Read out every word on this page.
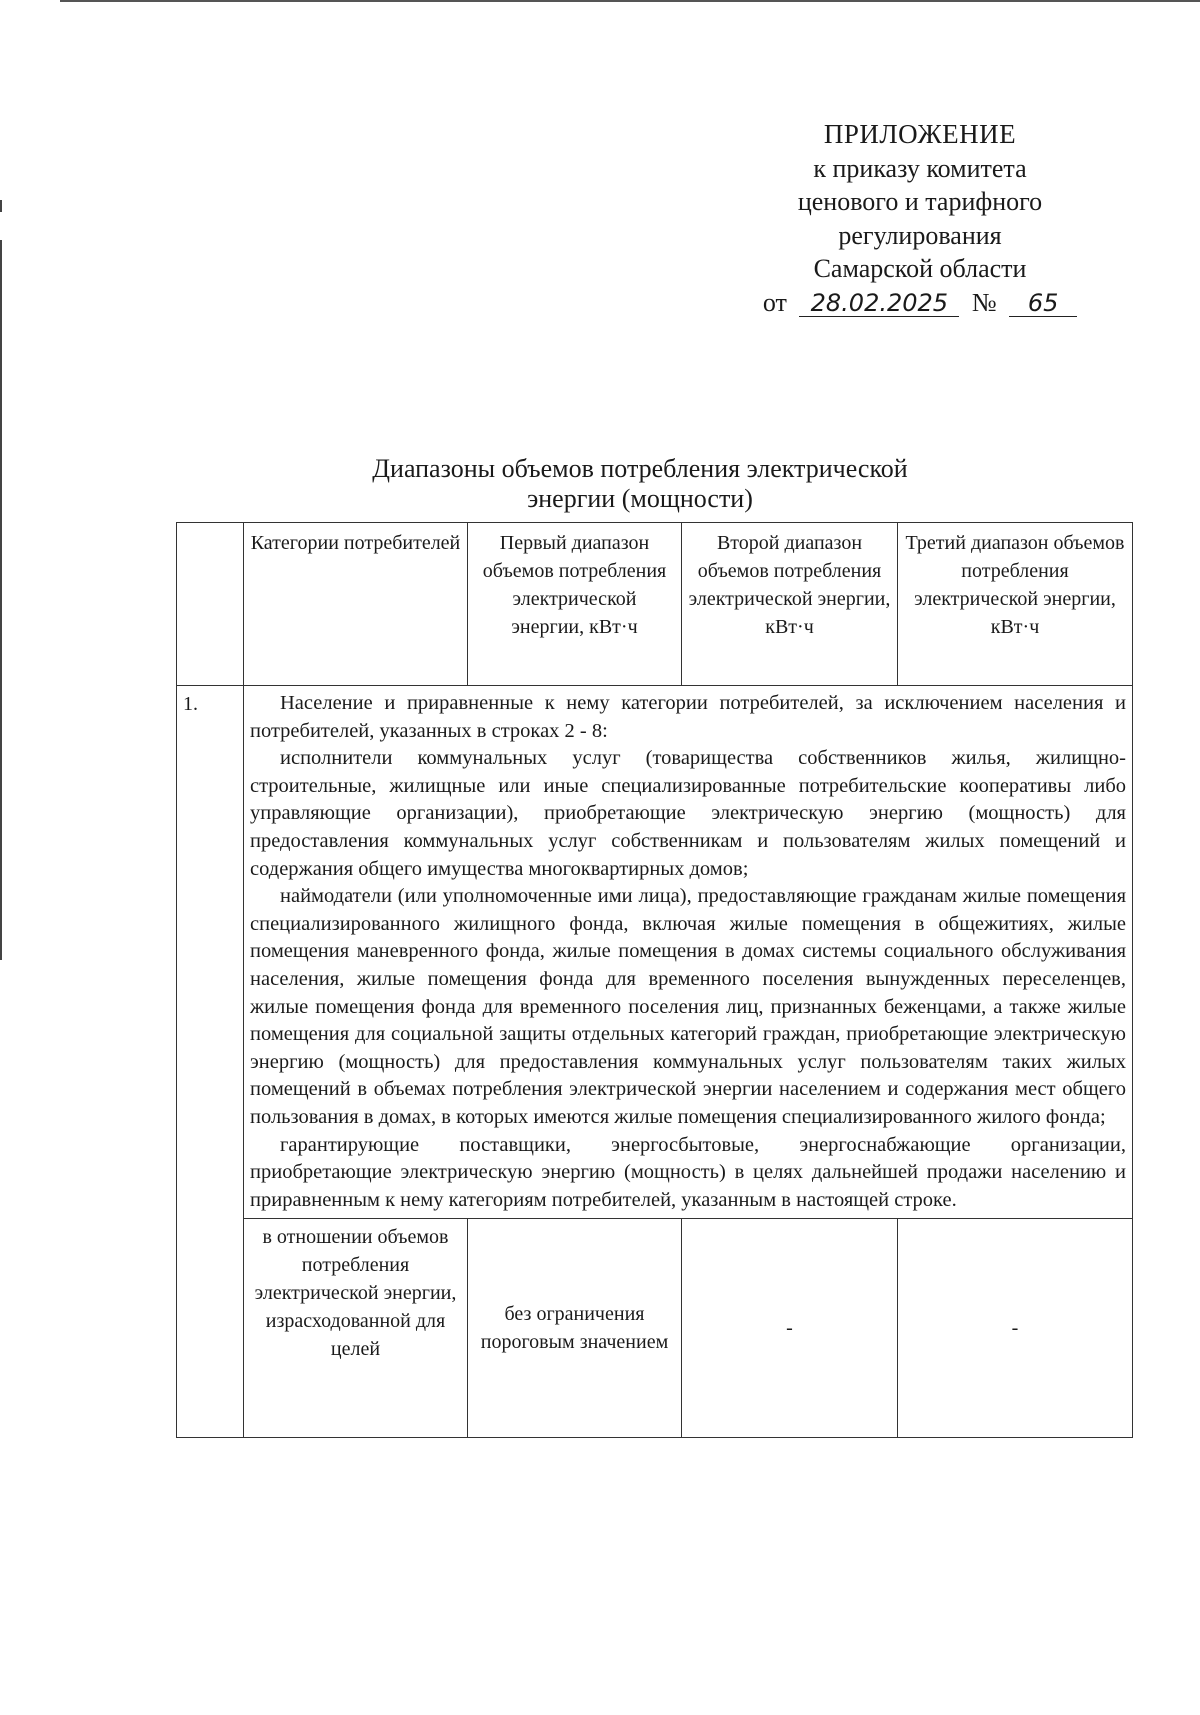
ПРИЛОЖЕНИЕ
к приказу комитета
ценового и тарифного
регулирования
Самарской области
от 28.02.2025 № 65
Диапазоны объемов потребления электрической
энергии (мощности)
	Категории потребителей	Первый диапазон объемов потребления электрической энергии, кВт·ч	Второй диапазон объемов потребления электрической энергии, кВт·ч	Третий диапазон объемов потребления электрической энергии, кВт·ч
1.	Население и приравненные к нему категории потребителей, за исключением населения и потребителей, указанных в строках 2 - 8:

исполнители коммунальных услуг (товарищества собственников жилья, жилищно-строительные, жилищные или иные специализированные потребительские кооперативы либо управляющие организации), приобретающие электрическую энергию (мощность) для предоставления коммунальных услуг собственникам и пользователям жилых помещений и содержания общего имущества многоквартирных домов;

наймодатели (или уполномоченные ими лица), предоставляющие гражданам жилые помещения специализированного жилищного фонда, включая жилые помещения в общежитиях, жилые помещения маневренного фонда, жилые помещения в домах системы социального обслуживания населения, жилые помещения фонда для временного поселения вынужденных переселенцев, жилые помещения фонда для временного поселения лиц, признанных беженцами, а также жилые помещения для социальной защиты отдельных категорий граждан, приобретающие электрическую энергию (мощность) для предоставления коммунальных услуг пользователям таких жилых помещений в объемах потребления электрической энергии населением и содержания мест общего пользования в домах, в которых имеются жилые помещения специализированного жилого фонда;

гарантирующие поставщики, энергосбытовые, энергоснабжающие организации, приобретающие электрическую энергию (мощность) в целях дальнейшей продажи населению и приравненным к нему категориям потребителей, указанным в настоящей строке.			

	в отношении объемов потребления электрической энергии, израсходованной для целей	без ограничения пороговым значением	-	-
